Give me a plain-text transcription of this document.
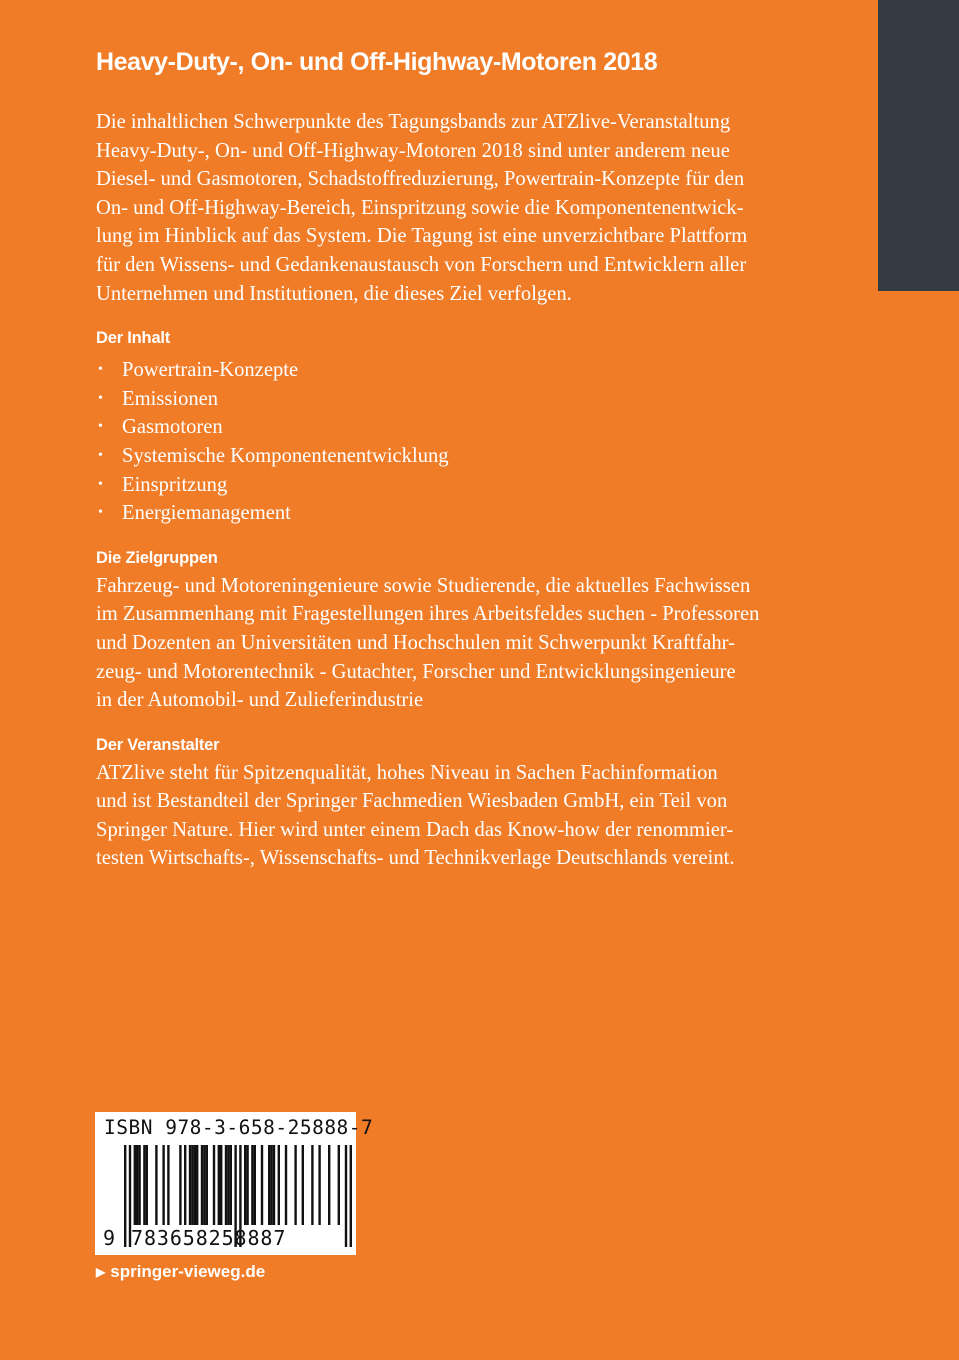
Heavy-Duty-, On- und Off-Highway-Motoren 2018

Die inhaltlichen Schwerpunkte des Tagungsbands zur ATZlive-Veranstaltung
Heavy-Duty-, On- und Off-Highway-Motoren 2018 sind unter anderem neue
Diesel- und Gasmotoren, Schadstoffreduzierung, Powertrain-Konzepte für den
On- und Off-Highway-Bereich, Einspritzung sowie die Komponentenentwick-
lung im Hinblick auf das System. Die Tagung ist eine unverzichtbare Plattform
für den Wissens- und Gedankenaustausch von Forschern und Entwicklern aller
Unternehmen und Institutionen, die dieses Ziel verfolgen.

Der Inhalt
• Powertrain-Konzepte
• Emissionen
• Gasmotoren
• Systemische Komponentenentwicklung
• Einspritzung
• Energiemanagement
Die Zielgruppen

Fahrzeug- und Motoreningenieure sowie Studierende, die aktuelles Fachwissen
im Zusammenhang mit Fragestellungen ihres Arbeitsfeldes suchen - Professoren
und Dozenten an Universitäten und Hochschulen mit Schwerpunkt Kraftfahr-
zeug- und Motorentechnik - Gutachter, Forscher und Entwicklungsingenieure
in der Automobil- und Zulieferindustrie

Der Veranstalter

ATZlive steht für Spitzenqualität, hohes Niveau in Sachen Fachinformation
und ist Bestandteil der Springer Fachmedien Wiesbaden GmbH, ein Teil von
Springer Nature. Hier wird unter einem Dach das Know-how der renommier-
testen Wirtschafts-, Wissenschafts- und Technikverlage Deutschlands vereint.

ISBN 978-3-658-25888-7
9 783658258887
▶ springer-vieweg.de
